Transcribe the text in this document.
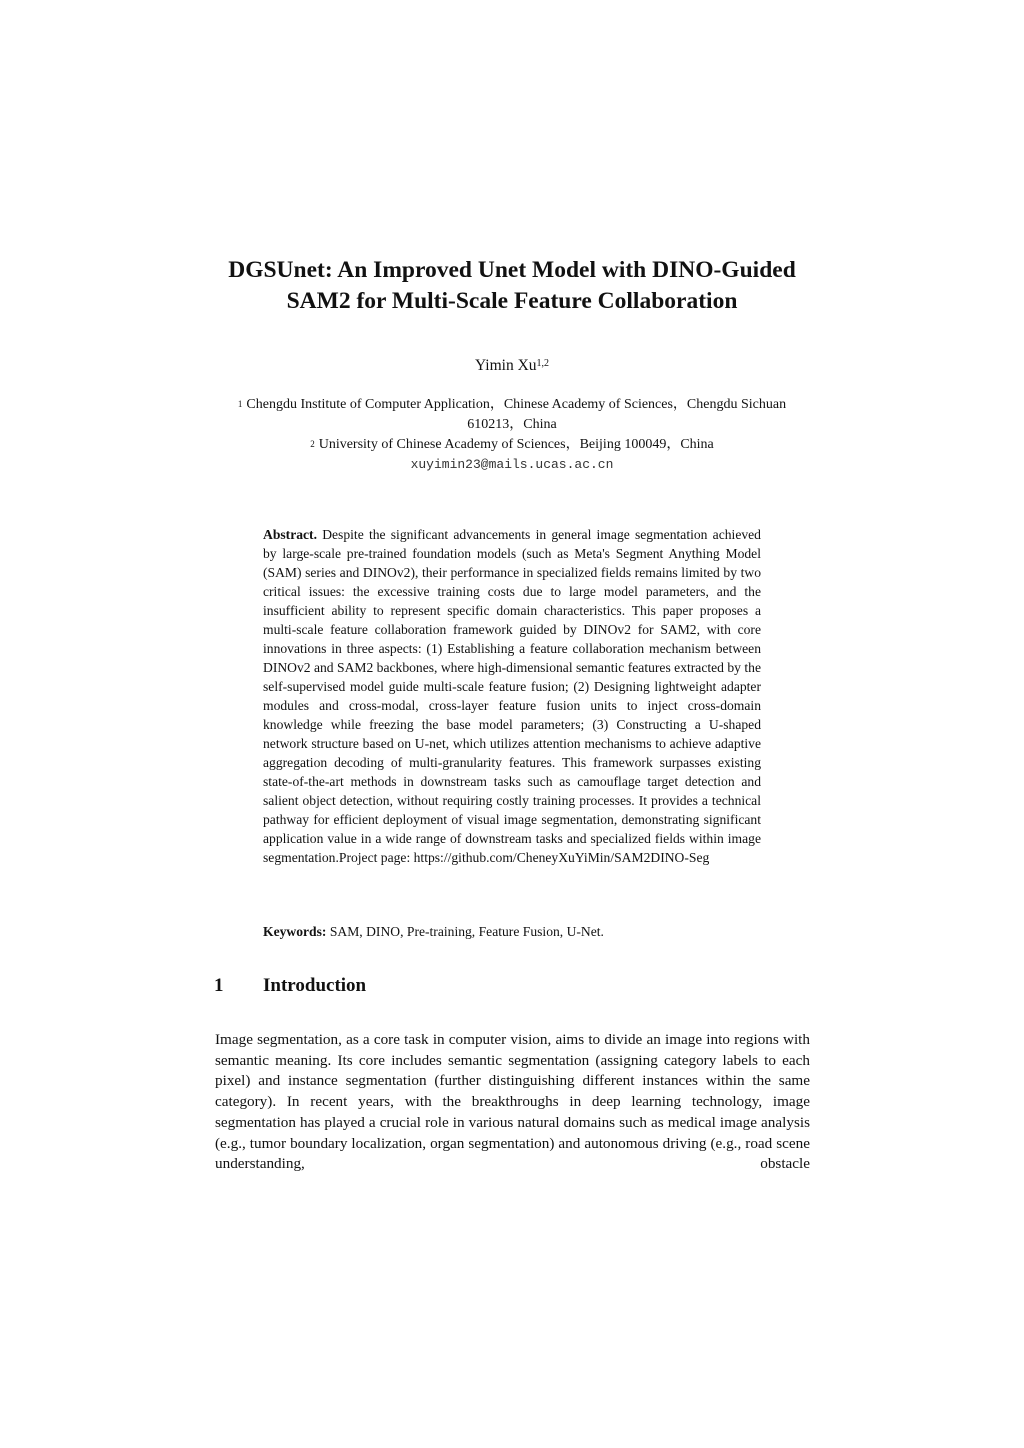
DGSUnet: An Improved Unet Model with DINO-Guided
SAM2 for Multi-Scale Feature Collaboration

Yimin Xu$^{1,2}$

$^1$ Chengdu Institute of Computer Application，Chinese Academy of Sciences，Chengdu Sichuan 610213，China
$^2$ University of Chinese Academy of Sciences，Beijing 100049，China
xuyimin23@mails.ucas.ac.cn

Abstract. Despite the significant advancements in general image segmentation achieved by large-scale pre-trained foundation models (such as Meta's Segment Anything Model (SAM) series and DINOv2), their performance in specialized fields remains limited by two critical issues: the excessive training costs due to large model parameters, and the insufficient ability to represent specific domain characteristics. This paper proposes a multi-scale feature collaboration framework guided by DINOv2 for SAM2, with core innovations in three aspects: (1) Establishing a feature collaboration mechanism between DINOv2 and SAM2 backbones, where high-dimensional semantic features extracted by the self-supervised model guide multi-scale feature fusion; (2) Designing lightweight adapter modules and cross-modal, cross-layer feature fusion units to inject cross-domain knowledge while freezing the base model parameters; (3) Constructing a U-shaped network structure based on U-net, which utilizes attention mechanisms to achieve adaptive aggregation decoding of multi-granularity features. This framework surpasses existing state-of-the-art methods in downstream tasks such as camouflage target detection and salient object detection, without requiring costly training processes. It provides a technical pathway for efficient deployment of visual image segmentation, demonstrating significant application value in a wide range of downstream tasks and specialized fields within image segmentation.Project page: https://github.com/CheneyXuYiMin/SAM2DINO-Seg

Keywords: SAM, DINO, Pre-training, Feature Fusion, U-Net.

1 Introduction

Image segmentation, as a core task in computer vision, aims to divide an image into regions with semantic meaning. Its core includes semantic segmentation (assigning category labels to each pixel) and instance segmentation (further distinguishing different instances within the same category). In recent years, with the breakthroughs in deep learning technology, image segmentation has played a crucial role in various natural domains such as medical image analysis (e.g., tumor boundary localization, organ segmentation) and autonomous driving (e.g., road scene understanding, obstacle
